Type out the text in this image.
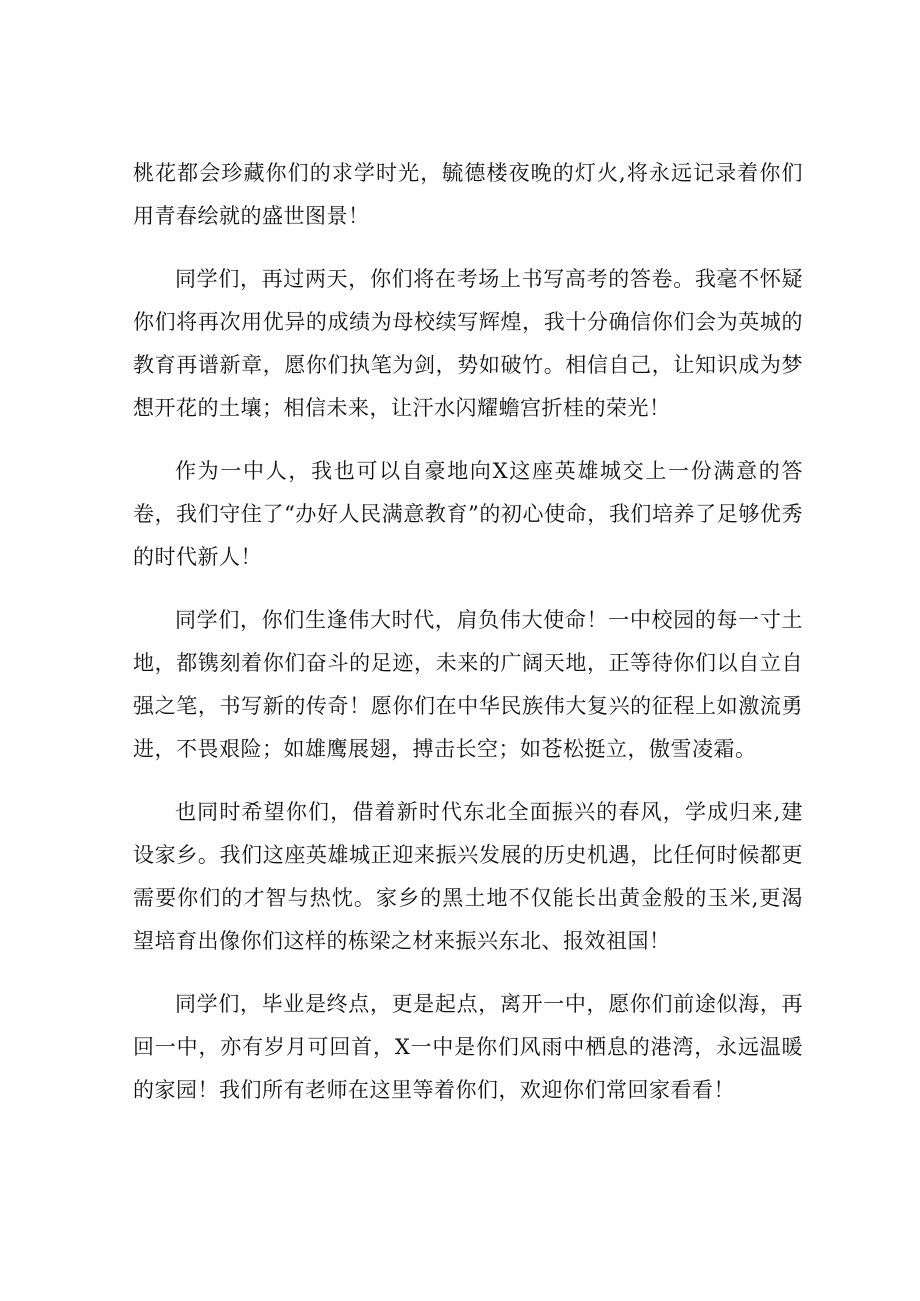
桃花都会珍藏你们的求学时光，毓德楼夜晚的灯火,将永远记录着你们用青春绘就的盛世图景！

同学们，再过两天，你们将在考场上书写高考的答卷。我毫不怀疑你们将再次用优异的成绩为母校续写辉煌，我十分确信你们会为英城的教育再谱新章，愿你们执笔为剑，势如破竹。相信自己，让知识成为梦想开花的土壤；相信未来，让汗水闪耀蟾宫折桂的荣光！

作为一中人，我也可以自豪地向X这座英雄城交上一份满意的答卷，我们守住了“办好人民满意教育”的初心使命，我们培养了足够优秀的时代新人！

同学们，你们生逢伟大时代，肩负伟大使命！一中校园的每一寸土地，都镌刻着你们奋斗的足迹，未来的广阔天地，正等待你们以自立自强之笔，书写新的传奇！愿你们在中华民族伟大复兴的征程上如激流勇进，不畏艰险；如雄鹰展翅，搏击长空；如苍松挺立，傲雪凌霜。

也同时希望你们，借着新时代东北全面振兴的春风，学成归来,建设家乡。我们这座英雄城正迎来振兴发展的历史机遇，比任何时候都更需要你们的才智与热忱。家乡的黑土地不仅能长出黄金般的玉米,更渴望培育出像你们这样的栋梁之材来振兴东北、报效祖国！

同学们，毕业是终点，更是起点，离开一中，愿你们前途似海，再回一中，亦有岁月可回首，X一中是你们风雨中栖息的港湾，永远温暖的家园！我们所有老师在这里等着你们，欢迎你们常回家看看！
